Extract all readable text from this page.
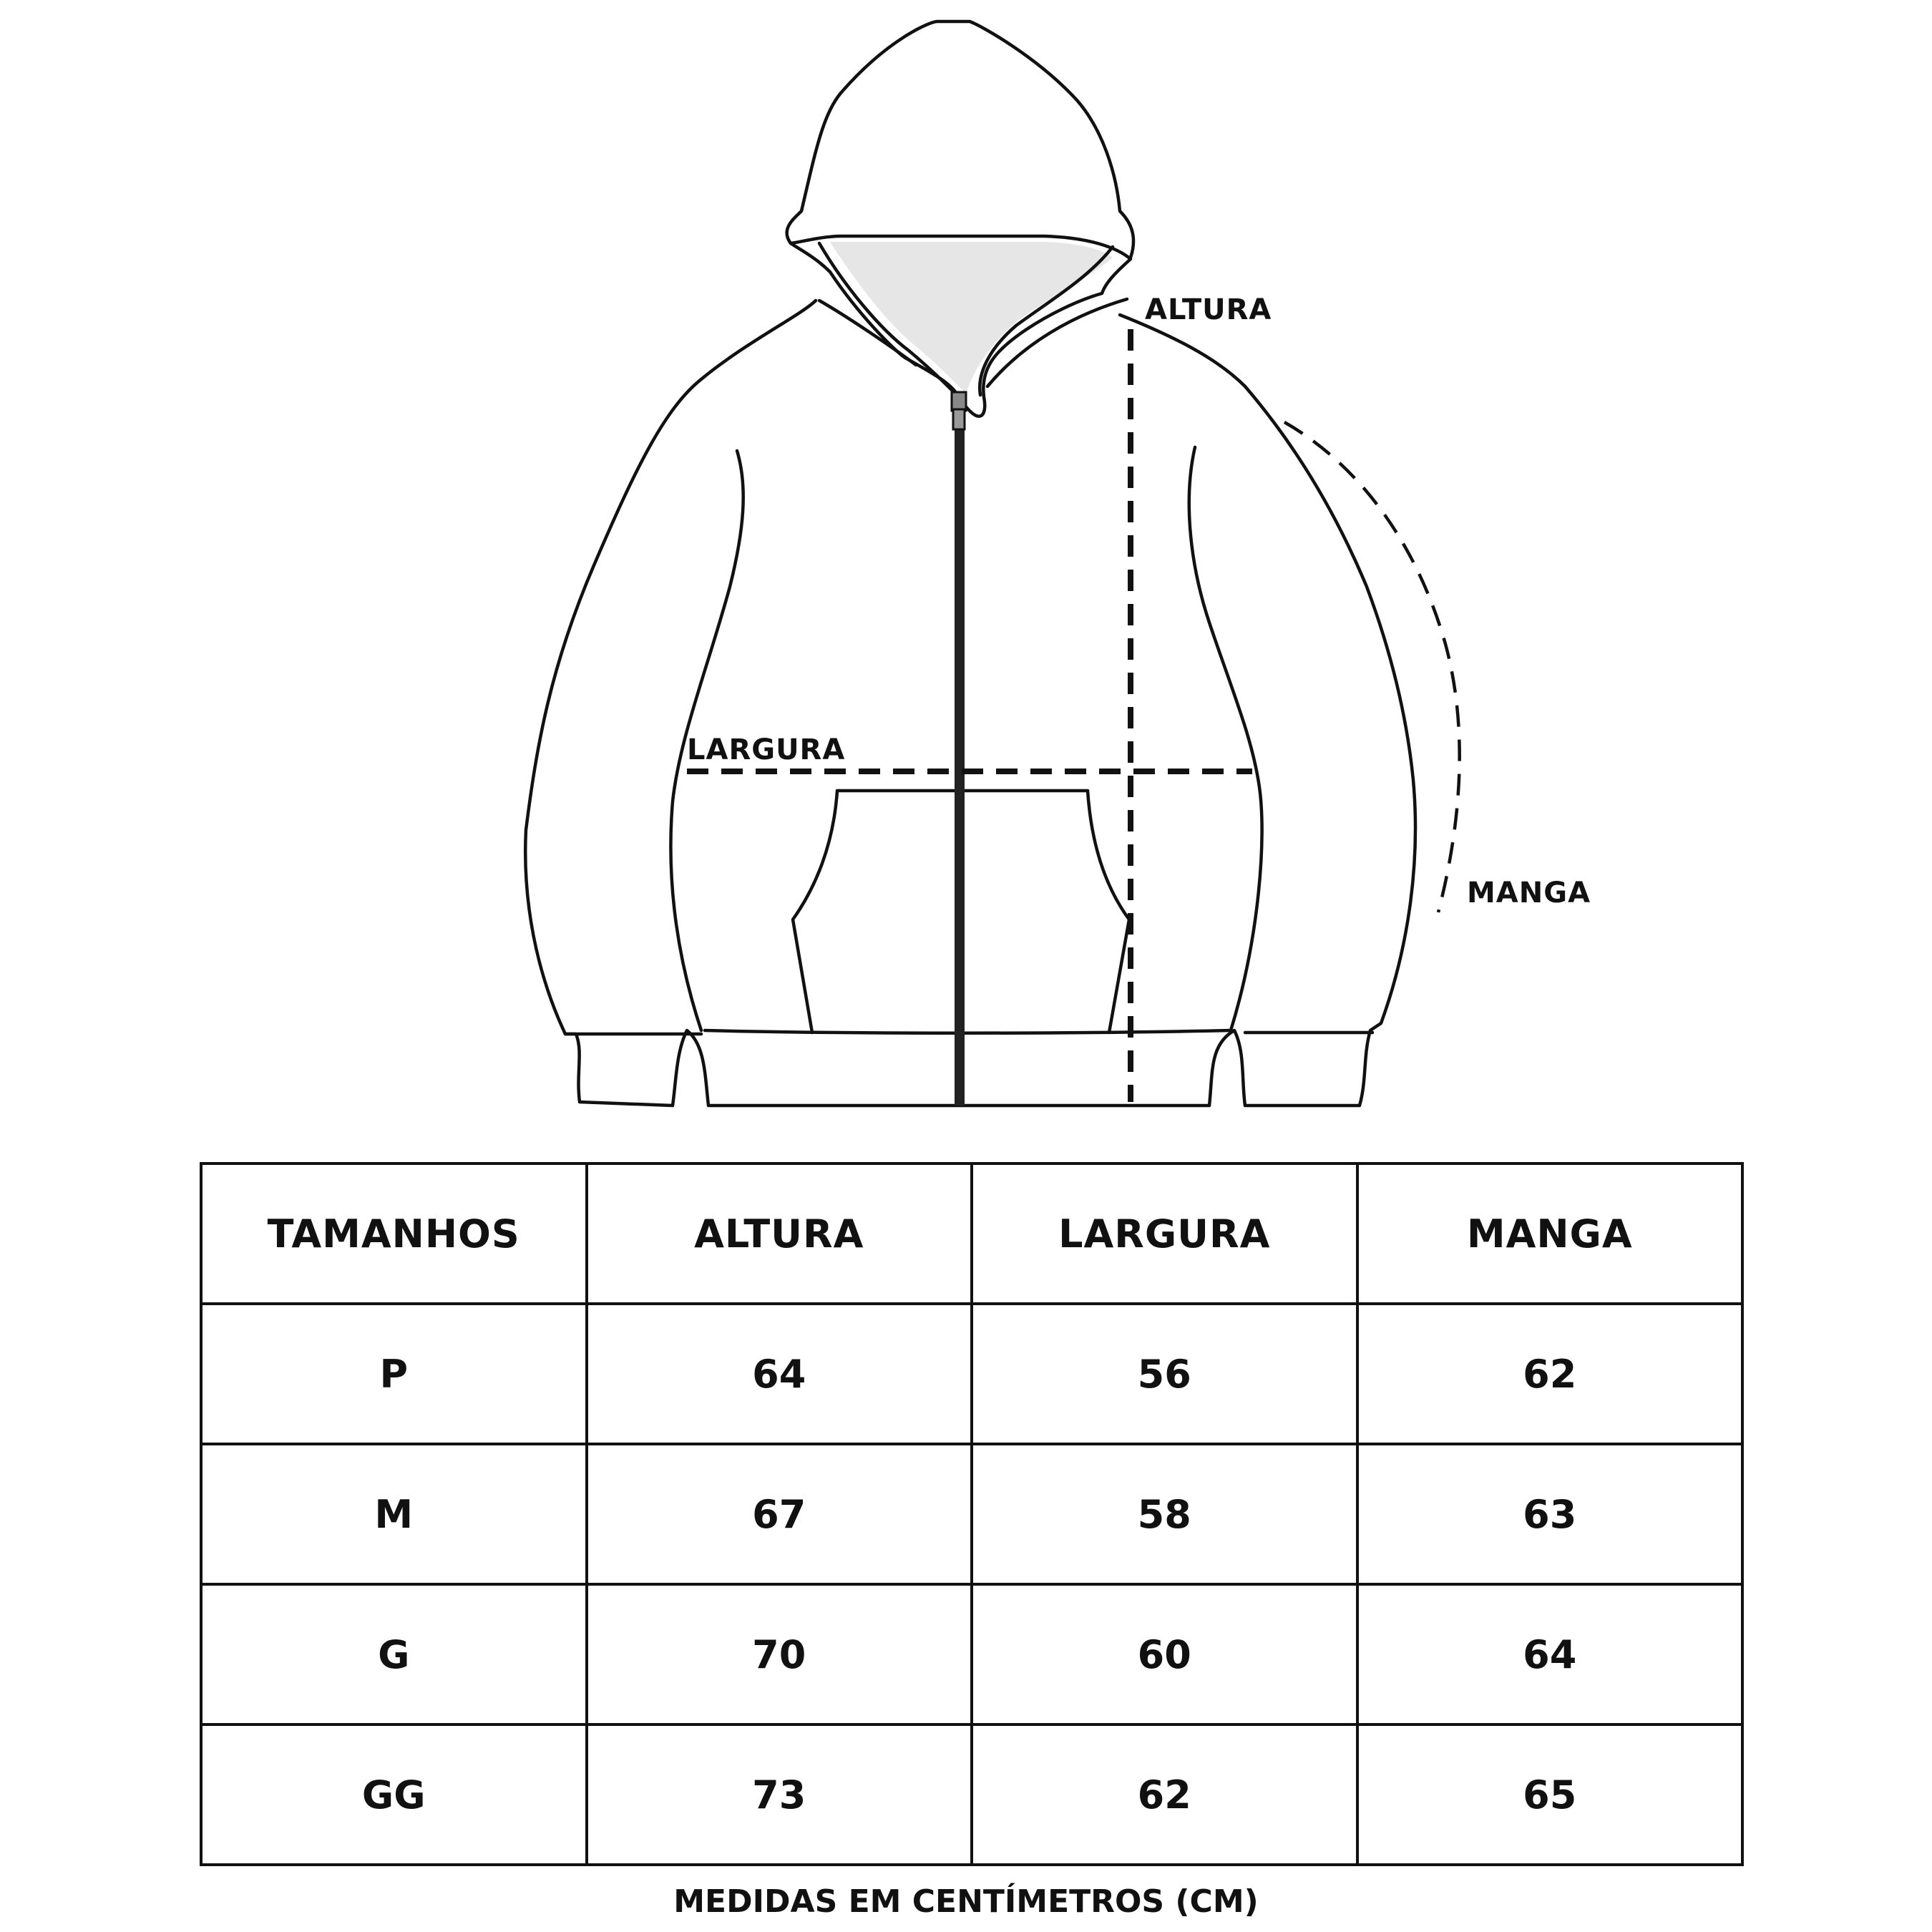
ALTURA
LARGURA
MANGA
TAMANHOS	ALTURA	LARGURA	MANGA
P	64	56	62
M	67	58	63
G	70	60	64
GG	73	62	65
MEDIDAS EM CENTÍMETROS (CM)
